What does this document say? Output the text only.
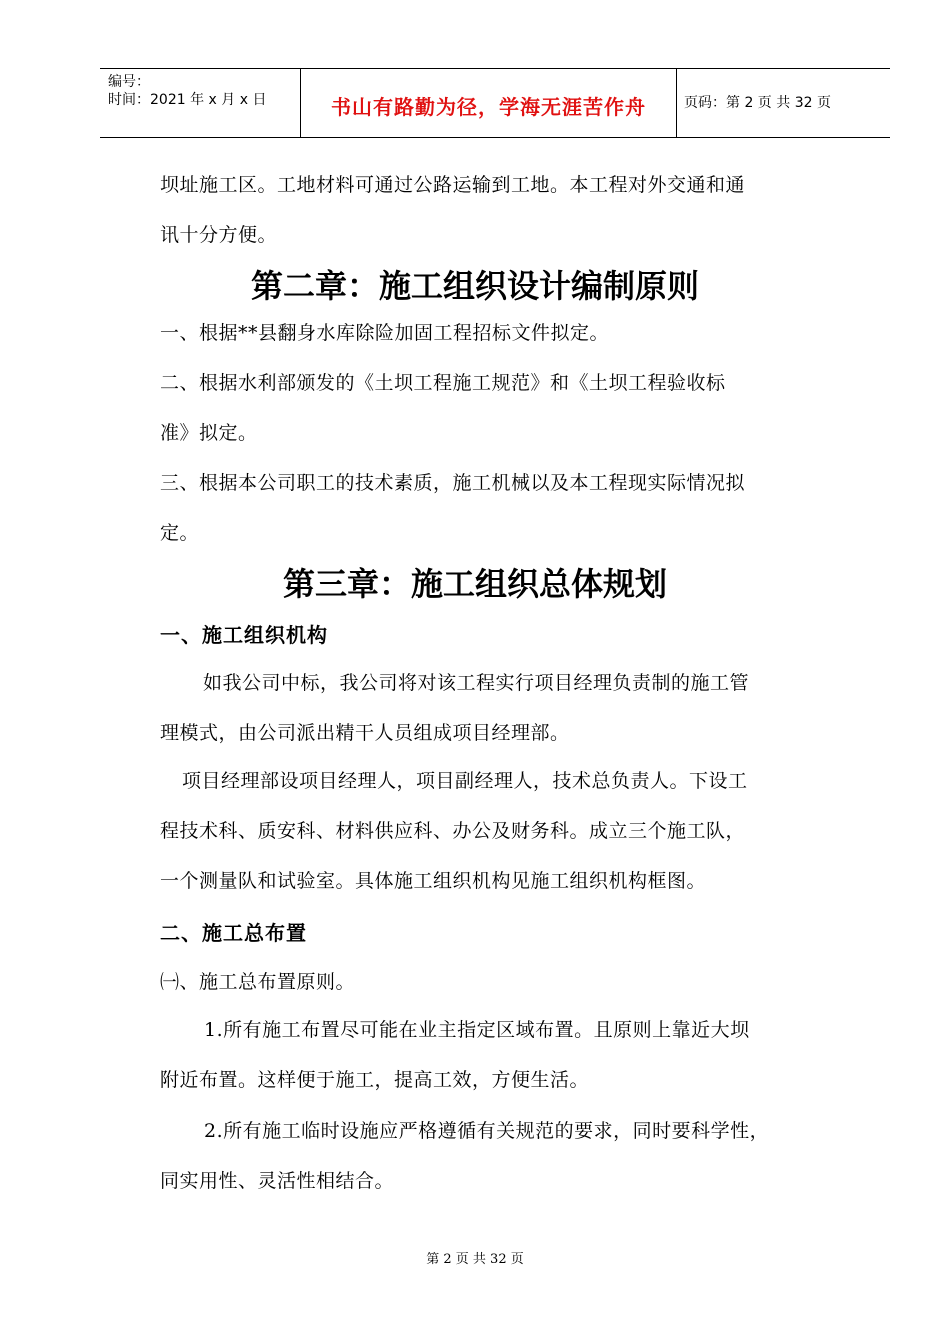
编号：
时间：2021 年 x 月 x 日	书山有路勤为径，学海无涯苦作舟	页码：第 2 页 共 32 页
坝址施工区。工地材料可通过公路运输到工地。本工程对外交通和通
讯十分方便。
第二章：施工组织设计编制原则
一、根据**县翻身水库除险加固工程招标文件拟定。
二、根据水利部颁发的《土坝工程施工规范》和《土坝工程验收标
准》拟定。
三、根据本公司职工的技术素质，施工机械以及本工程现实际情况拟
定。
第三章：施工组织总体规划
一、施工组织机构
如我公司中标，我公司将对该工程实行项目经理负责制的施工管
理模式，由公司派出精干人员组成项目经理部。
项目经理部设项目经理人，项目副经理人，技术总负责人。下设工
程技术科、质安科、材料供应科、办公及财务科。成立三个施工队，
一个测量队和试验室。具体施工组织机构见施工组织机构框图。
二、施工总布置
㈠、施工总布置原则。
1.所有施工布置尽可能在业主指定区域布置。且原则上靠近大坝
附近布置。这样便于施工，提高工效，方便生活。
2.所有施工临时设施应严格遵循有关规范的要求，同时要科学性，
同实用性、灵活性相结合。
第 2 页 共 32 页
